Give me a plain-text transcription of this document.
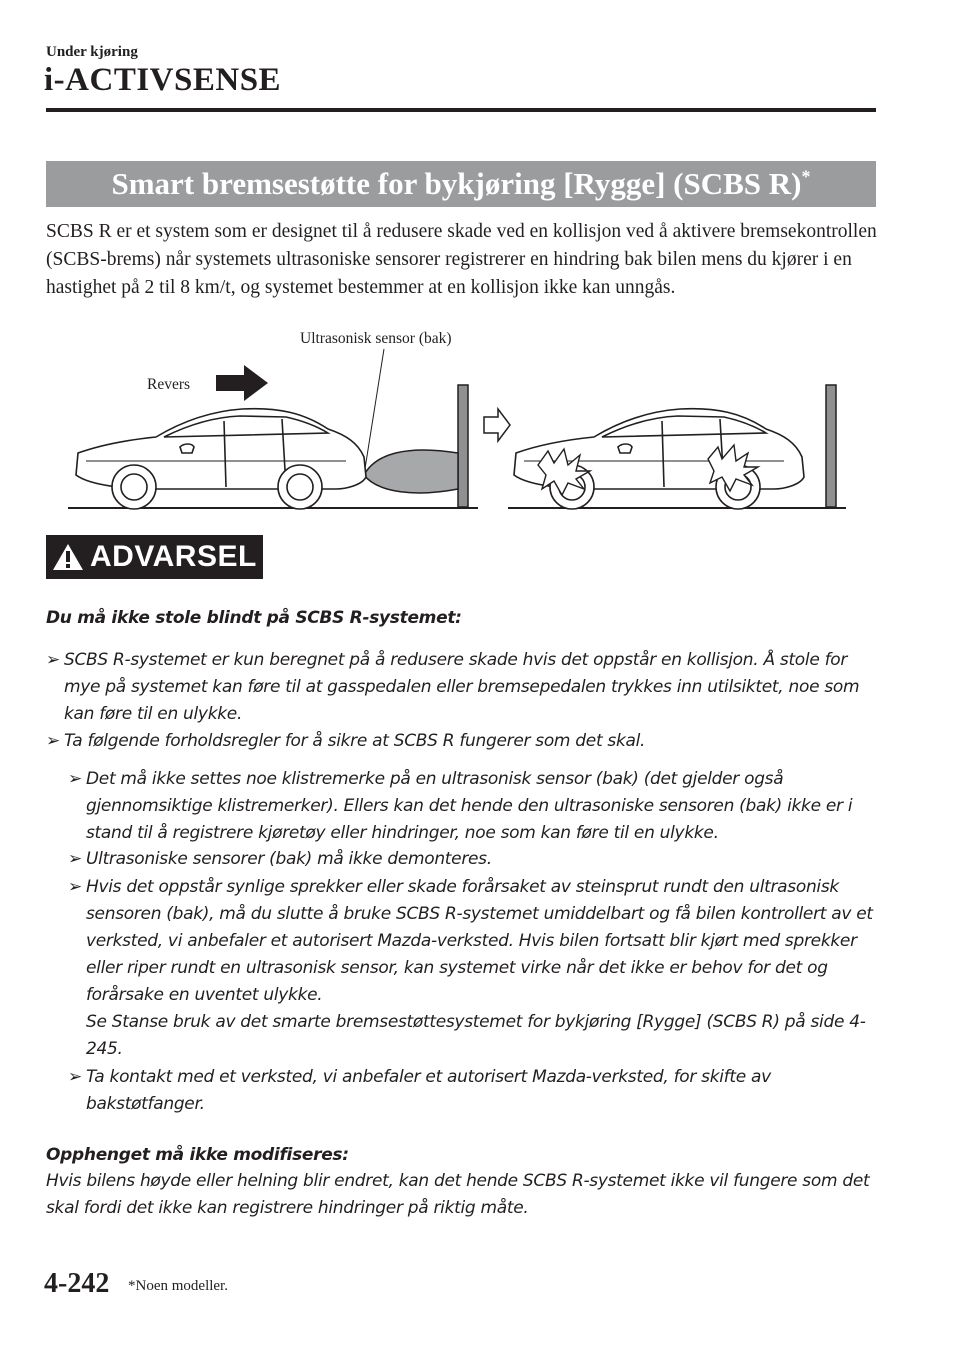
Under kjøring
i-ACTIVSENSE
Smart bremsestøtte for bykjøring [Rygge] (SCBS R)*
SCBS R er et system som er designet til å redusere skade ved en kollisjon ved å aktivere bremsekontrollen (SCBS-brems) når systemets ultrasoniske sensorer registrerer en hindring bak bilen mens du kjører i en hastighet på 2 til 8 km/t, og systemet bestemmer at en kollisjon ikke kan unngås.
Ultrasonisk sensor (bak)
Revers
ADVARSEL
Du må ikke stole blindt på SCBS R-systemet:
➢ SCBS R-systemet er kun beregnet på å redusere skade hvis det oppstår en kollisjon. Å stole for mye på systemet kan føre til at gasspedalen eller bremsepedalen trykkes inn utilsiktet, noe som kan føre til en ulykke.
➢ Ta følgende forholdsregler for å sikre at SCBS R fungerer som det skal.
➢ Det må ikke settes noe klistremerke på en ultrasonisk sensor (bak) (det gjelder også gjennomsiktige klistremerker). Ellers kan det hende den ultrasoniske sensoren (bak) ikke er i stand til å registrere kjøretøy eller hindringer, noe som kan føre til en ulykke.
➢ Ultrasoniske sensorer (bak) må ikke demonteres.
➢ Hvis det oppstår synlige sprekker eller skade forårsaket av steinsprut rundt den ultrasonisk sensoren (bak), må du slutte å bruke SCBS R-systemet umiddelbart og få bilen kontrollert av et verksted, vi anbefaler et autorisert Mazda-verksted. Hvis bilen fortsatt blir kjørt med sprekker eller riper rundt en ultrasonisk sensor, kan systemet virke når det ikke er behov for det og forårsake en uventet ulykke.
Se Stanse bruk av det smarte bremsestøttesystemet for bykjøring [Rygge] (SCBS R) på side 4-245.
➢ Ta kontakt med et verksted, vi anbefaler et autorisert Mazda-verksted, for skifte av bakstøtfanger.
Opphenget må ikke modifiseres:
Hvis bilens høyde eller helning blir endret, kan det hende SCBS R-systemet ikke vil fungere som det skal fordi det ikke kan registrere hindringer på riktig måte.
4-242 *Noen modeller.
